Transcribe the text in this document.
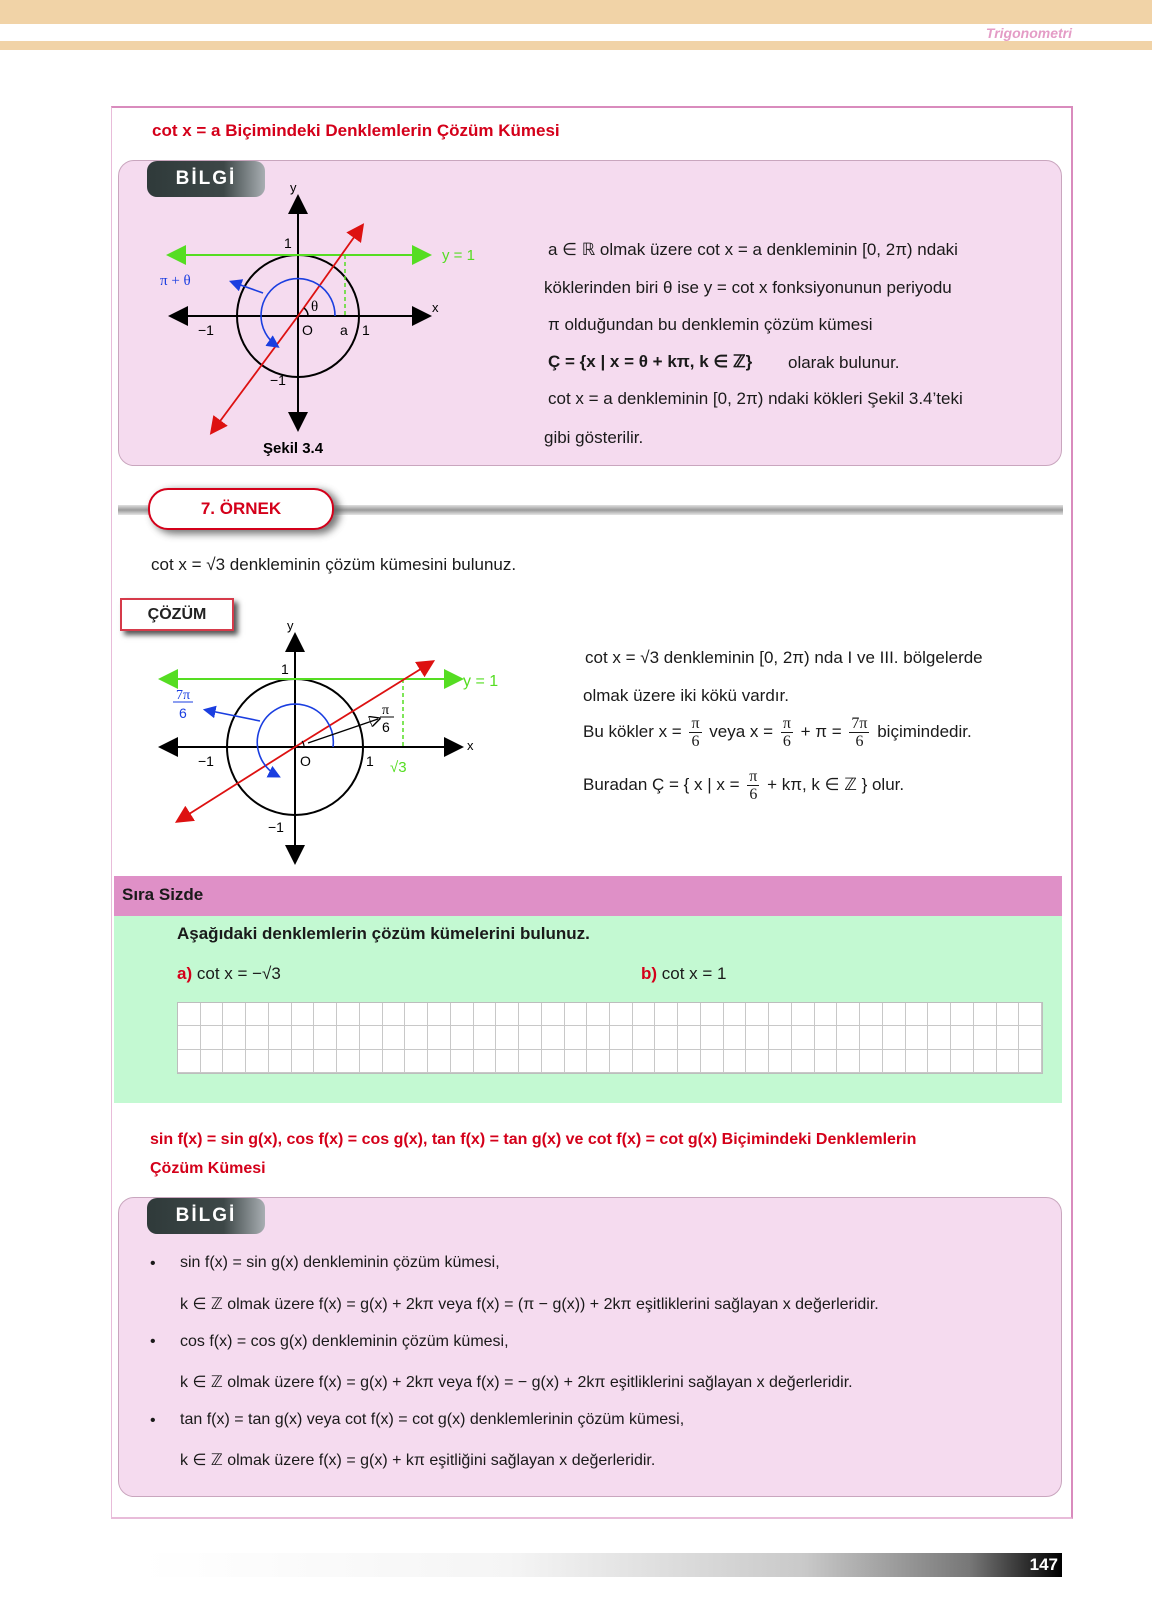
Trigonometri
cot x = a Biçimindeki Denklemlerin Çözüm Kümesi
BİLGİ	y
x
1
−1
−1
O a 1
θ
π + θ
y = 1
Şekil 3.4
a ∈ ℝ olmak üzere cot x = a denkleminin [0, 2π) ndaki
köklerinden biri θ ise y = cot x fonksiyonunun periyodu
π olduğundan bu denklemin çözüm kümesi
Ç = {x | x = θ + kπ, k ∈ ℤ} olarak bulunur.
cot x = a denkleminin [0, 2π) ndaki kökleri Şekil 3.4’teki
gibi gösterilir.
7. ÖRNEK
cot x = √3 denkleminin çözüm kümesini bulunuz.
ÇÖZÜM
y
x
1
−1
−1
O	1 √3
π
6
7π
6
y = 1
cot x = √3 denkleminin [0, 2π) nda I ve III. bölgelerde
olmak üzere iki kökü vardır.
Bu kökler $x = \frac{\pi}{6}$ veya $x = \frac{\pi}{6} + \pi = \frac{7\pi}{6}$ biçimindedir.
Buradan Ç = { x | $x = \frac{\pi}{6} + k\pi$, k ∈ ℤ } olur.
Sıra Sizde
Aşağıdaki denklemlerin çözüm kümelerini bulunuz.
a) cot x = −√3	b) cot x = 1
sin f(x) = sin g(x), cos f(x) = cos g(x), tan f(x) = tan g(x) ve cot f(x) = cot g(x) Biçimindeki Denklemlerin
Çözüm Kümesi
BİLGİ
• sin f(x) = sin g(x) denkleminin çözüm kümesi,
k ∈ ℤ olmak üzere f(x) = g(x) + 2kπ veya f(x) = (π − g(x)) + 2kπ eşitliklerini sağlayan x değerleridir.
• cos f(x) = cos g(x) denkleminin çözüm kümesi,
k ∈ ℤ olmak üzere f(x) = g(x) + 2kπ veya f(x) = − g(x) + 2kπ eşitliklerini sağlayan x değerleridir.
• tan f(x) = tan g(x) veya cot f(x) = cot g(x) denklemlerinin çözüm kümesi,
k ∈ ℤ olmak üzere f(x) = g(x) + kπ eşitliğini sağlayan x değerleridir.
147
